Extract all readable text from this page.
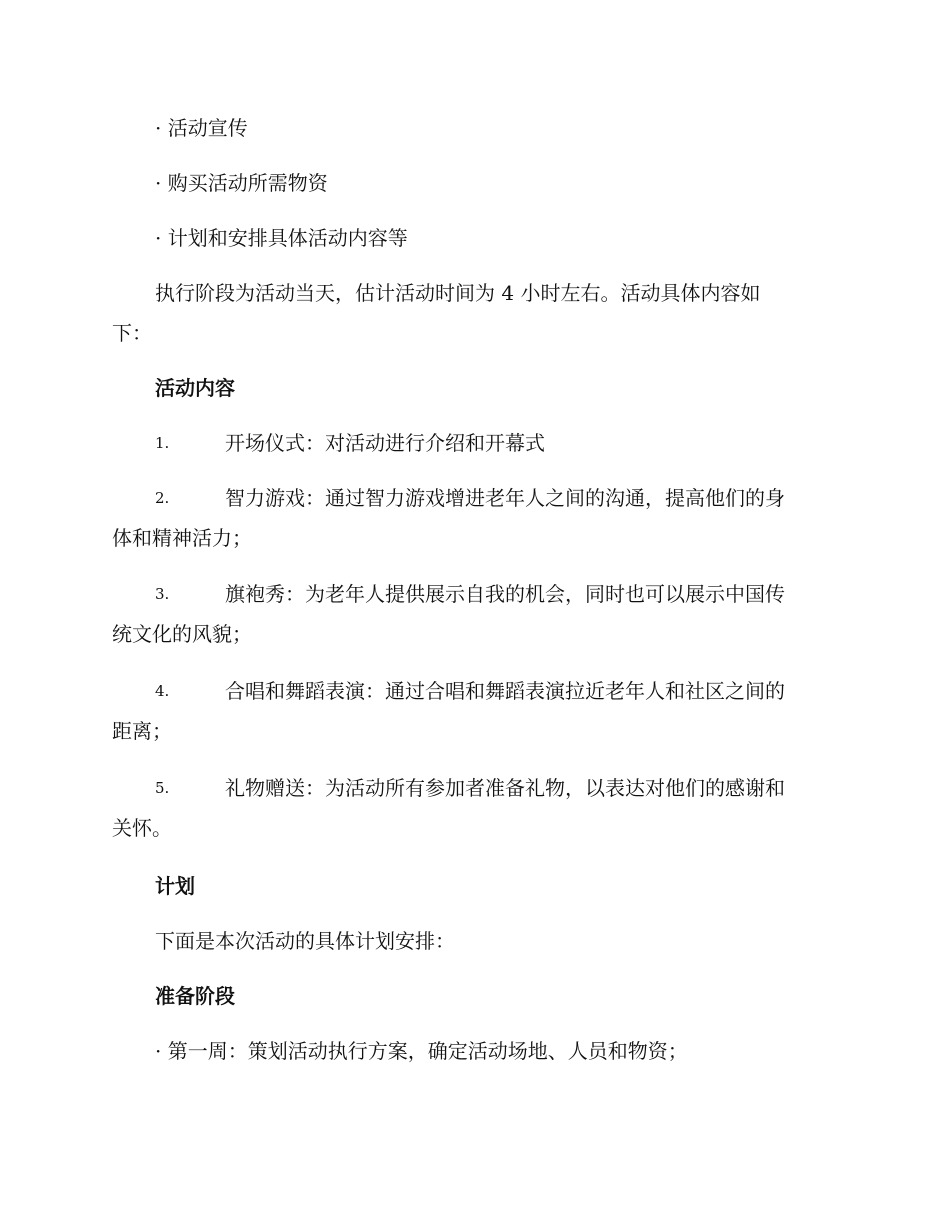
· 活动宣传
· 购买活动所需物资
· 计划和安排具体活动内容等
执行阶段为活动当天，估计活动时间为 4 小时左右。活动具体内容如
下：
活动内容
1.	开场仪式：对活动进行介绍和开幕式
2.	智力游戏：通过智力游戏增进老年人之间的沟通，提高他们的身
体和精神活力；
3.	旗袍秀：为老年人提供展示自我的机会，同时也可以展示中国传
统文化的风貌；
4.	合唱和舞蹈表演：通过合唱和舞蹈表演拉近老年人和社区之间的
距离；
5.	礼物赠送：为活动所有参加者准备礼物，以表达对他们的感谢和
关怀。
计划
下面是本次活动的具体计划安排：
准备阶段
· 第一周：策划活动执行方案，确定活动场地、人员和物资；
